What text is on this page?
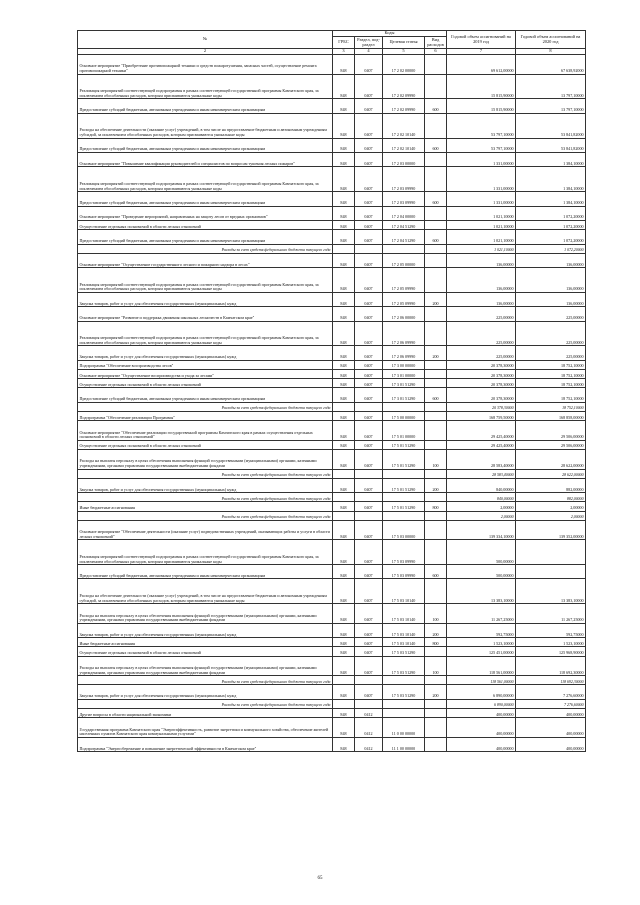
№	Коды				Годовой объем ассигнований на 2019 год	Годовой объем ассигнований на 2020 год
	ГРБС	Раздел, под-раздел	Целевая статья	Вид расходов		
2	3	4	5	6	7	8
Основное мероприятие "Приобретение противопожарной техники и средств пожаротушения, запасных частей, осуществление ремонта противопожарной техники"	848	0407	17 2 02 00000		69 612,00000	67 638,92000
Реализация мероприятий соответствующей подпрограммы в рамках соответствующей государственной программы Камчатского края, за исключением обособленных расходов, которым присваиваются уникальные коды	848	0407	17 2 02 09990		15 815,90000	13 797,10000
Предоставление субсидий бюджетным, автономным учреждениям и иным некоммерческим организациям	848	0407	17 2 02 09990	600	15 815,90000	13 797,10000
Расходы на обеспечение деятельности (оказание услуг) учреждений, в том числе на предоставление бюджетным и автономным учреждениям субсидий, за исключением обособленных расходов, которым присваиваются уникальные коды	848	0407	17 2 02 10140		53 797,10000	53 841,82000
Предоставление субсидий бюджетным, автономным учреждениям и иным некоммерческим организациям	848	0407	17 2 02 10140	600	53 797,10000	53 841,82000
Основное мероприятие "Повышение квалификации руководителей и специалистов по вопросам тушения лесных пожаров"	848	0407	17 2 03 00000		1 331,00000	1 384,10000
Реализация мероприятий соответствующей подпрограммы в рамках соответствующей государственной программы Камчатского края, за исключением обособленных расходов, которым присваиваются уникальные коды	848	0407	17 2 03 09990		1 331,00000	1 384,10000
Предоставление субсидий бюджетным, автономным учреждениям и иным некоммерческим организациям	848	0407	17 2 03 09990	600	1 331,00000	1 384,10000
Основное мероприятие "Проведение мероприятий, направленных на защиту лесов от вредных организмов"	848	0407	17 2 04 00000		1 021,10000	1 072,20000
Осуществление отдельных полномочий в области лесных отношений	848	0407	17 2 04 51290		1 021,10000	1 072,20000
Предоставление субсидий бюджетным, автономным учреждениям и иным некоммерческим организациям	848	0407	17 2 04 51290	600	1 021,10000	1 072,20000
Расходы за счет средств федерального бюджета текущего года					1 021,10000	1 072,20000
Основное мероприятие "Осуществление государственного лесного и пожарного надзора в лесах"	848	0407	17 2 05 00000		136,00000	136,00000
Реализация мероприятий соответствующей подпрограммы в рамках соответствующей государственной программы Камчатского края, за исключением обособленных расходов, которым присваиваются уникальные коды	848	0407	17 2 05 09990		136,00000	136,00000
Закупка товаров, работ и услуг для обеспечения государственных (муниципальных) нужд	848	0407	17 2 05 09990	200	136,00000	136,00000
Основное мероприятие "Развитие и поддержка движения школьных лесничеств в Камчатском крае"	848	0407	17 2 06 00000		225,00000	225,00000
Реализация мероприятий соответствующей подпрограммы в рамках соответствующей государственной программы Камчатского края, за исключением обособленных расходов, которым присваиваются уникальные коды	848	0407	17 2 06 09990		225,00000	225,00000
Закупка товаров, работ и услуг для обеспечения государственных (муниципальных) нужд	848	0407	17 2 06 09990	200	225,00000	225,00000
Подпрограмма "Обеспечение воспроизводства лесов"	848	0407	17 3 00 00000		20 378,30000	18 752,10000
Основное мероприятие "Осуществление воспроизводства и ухода за лесами"	848	0407	17 3 01 00000		20 378,30000	18 752,10000
Осуществление отдельных полномочий в области лесных отношений	848	0407	17 3 01 51290		20 378,30000	18 752,10000
Предоставление субсидий бюджетным, автономным учреждениям и иным некоммерческим организациям	848	0407	17 3 01 51290	600	20 378,30000	18 752,10000
Расходы за счет средств федерального бюджета текущего года					20 378,30000	18 752,10000
Подпрограмма "Обеспечение реализации Программы"	848	0407	17 5 00 00000		168 759,50000	168 858,00000
Основное мероприятие "Обеспечение реализации государственной программы Камчатского края в рамках осуществления отдельных полномочий в области лесных отношений"	848	0407	17 5 01 00000		29 425,40000	29 506,00000
Осуществление отдельных полномочий в области лесных отношений	848	0407	17 5 01 51290		29 425,40000	29 506,00000
Расходы на выплаты персоналу в целях обеспечения выполнения функций государственными (муниципальными) органами, казенными учреждениями, органами управления государственными внебюджетными фондами	848	0407	17 5 01 51290	100	28 583,40000	28 622,00000
Расходы за счет средств федерального бюджета текущего года					28 583,40000	28 622,00000
Закупка товаров, работ и услуг для обеспечения государственных (муниципальных) нужд	848	0407	17 5 01 51290	200	840,00000	882,00000
Расходы за счет средств федерального бюджета текущего года					840,00000	882,00000
Иные бюджетные ассигнования	848	0407	17 5 01 51290	800	2,00000	2,00000
Расходы за счет средств федерального бюджета текущего года					2,00000	2,00000
Основное мероприятие "Обеспечение деятельности (оказание услуг) подведомственных учреждений, оказывающих работы и услуги в области лесных отношений"	848	0407	17 5 03 00000		139 334,10000	139 352,00000
Реализация мероприятий соответствующей подпрограммы в рамках соответствующей государственной программы Камчатского края, за исключением обособленных расходов, которым присваиваются уникальные коды	848	0407	17 5 03 09990		500,00000	
Предоставление субсидий бюджетным, автономным учреждениям и иным некоммерческим организациям	848	0407	17 5 03 09990	600	500,00000	
Расходы на обеспечение деятельности (оказание услуг) учреждений, в том числе на предоставление бюджетным и автономным учреждениям субсидий, за исключением обособленных расходов, которым присваиваются уникальные коды	848	0407	17 5 03 10140		13 383,10000	13 383,10000
Расходы на выплаты персоналу в целях обеспечения выполнения функций государственными (муниципальными) органами, казенными учреждениями, органами управления государственными внебюджетными фондами	848	0407	17 5 03 10140	100	11 267,25000	11 267,25000
Закупка товаров, работ и услуг для обеспечения государственных (муниципальных) нужд	848	0407	17 5 03 10140	200	592,75000	592,75000
Иные бюджетные ассигнования	848	0407	17 5 03 10140	800	1 523,10000	1 523,10000
Осуществление отдельных полномочий в области лесных отношений	848	0407	17 5 03 51290		125 451,00000	125 968,90000
Расходы на выплаты персоналу в целях обеспечения выполнения функций государственными (муниципальными) органами, казенными учреждениями, органами управления государственными внебюджетными фондами	848	0407	17 5 03 51290	100	118 561,00000	118 692,30000
Расходы за счет средств федерального бюджета текущего года					118 561,00000	118 692,30000
Закупка товаров, работ и услуг для обеспечения государственных (муниципальных) нужд	848	0407	17 5 03 51290	200	6 890,00000	7 276,60000
Расходы за счет средств федерального бюджета текущего года					6 890,00000	7 276,60000
Другие вопросы в области национальной экономики	848	0412			400,00000	400,00000
Государственная программа Камчатского края "Энергоэффективность, развитие энергетики и коммунального хозяйства, обеспечение жителей населенных пунктов Камчатского края коммунальными услугами"	848	0412	11 0 00 00000		400,00000	400,00000
Подпрограмма "Энергосбережение и повышение энергетической эффективности в Камчатском крае"	848	0412	11 1 00 00000		400,00000	400,00000
65
